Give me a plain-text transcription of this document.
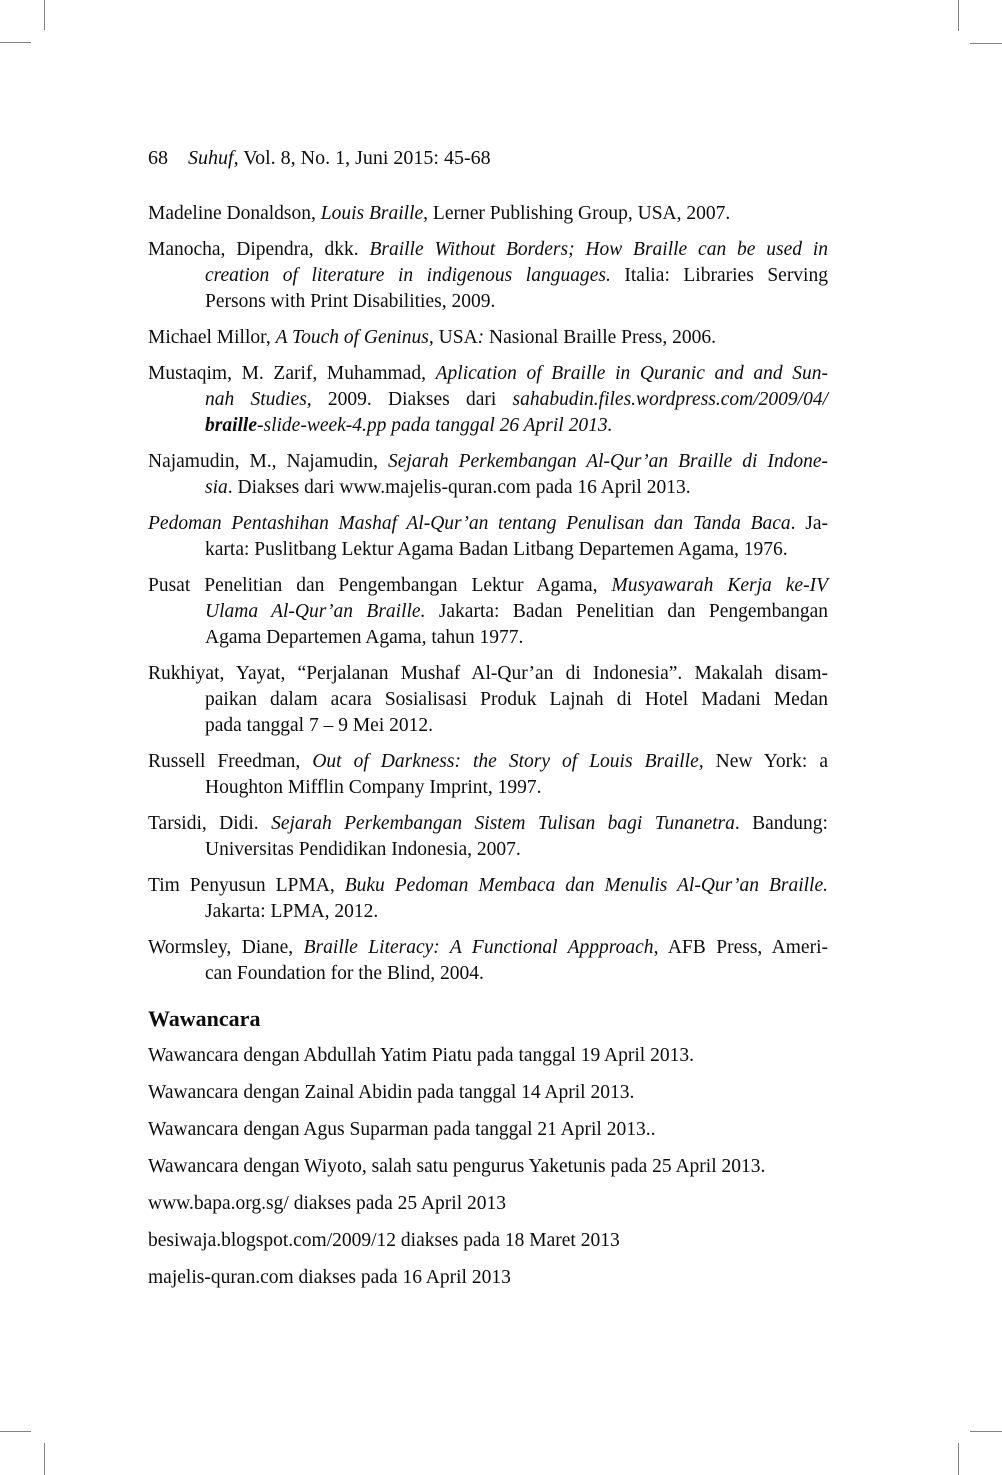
68 Suhuf, Vol. 8, No. 1, Juni 2015: 45-68
Madeline Donaldson, Louis Braille, Lerner Publishing Group, USA, 2007.
Manocha, Dipendra, dkk. Braille Without Borders; How Braille can be used in
creation of literature in indigenous languages. Italia: Libraries Serving
Persons with Print Disabilities, 2009.
Michael Millor, A Touch of Geninus, USA: Nasional Braille Press, 2006.
Mustaqim, M. Zarif, Muhammad, Aplication of Braille in Quranic and and Sun-
nah Studies, 2009. Diakses dari sahabudin.files.wordpress.com/2009/04/
braille-slide-week-4.pp pada tanggal 26 April 2013.
Najamudin, M., Najamudin, Sejarah Perkembangan Al-Qur’an Braille di Indone-
sia. Diakses dari www.majelis-quran.com pada 16 April 2013.
Pedoman Pentashihan Mashaf Al-Qur’an tentang Penulisan dan Tanda Baca. Ja-
karta: Puslitbang Lektur Agama Badan Litbang Departemen Agama, 1976.
Pusat Penelitian dan Pengembangan Lektur Agama, Musyawarah Kerja ke-IV
Ulama Al-Qur’an Braille. Jakarta: Badan Penelitian dan Pengembangan
Agama Departemen Agama, tahun 1977.
Rukhiyat, Yayat, “Perjalanan Mushaf Al-Qur’an di Indonesia”. Makalah disam-
paikan dalam acara Sosialisasi Produk Lajnah di Hotel Madani Medan
pada tanggal 7 – 9 Mei 2012.
Russell Freedman, Out of Darkness: the Story of Louis Braille, New York: a
Houghton Mifflin Company Imprint, 1997.
Tarsidi, Didi. Sejarah Perkembangan Sistem Tulisan bagi Tunanetra. Bandung:
Universitas Pendidikan Indonesia, 2007.
Tim Penyusun LPMA, Buku Pedoman Membaca dan Menulis Al-Qur’an Braille.
Jakarta: LPMA, 2012.
Wormsley, Diane, Braille Literacy: A Functional Appproach, AFB Press, Ameri-
can Foundation for the Blind, 2004.
Wawancara
Wawancara dengan Abdullah Yatim Piatu pada tanggal 19 April 2013.
Wawancara dengan Zainal Abidin pada tanggal 14 April 2013.
Wawancara dengan Agus Suparman pada tanggal 21 April 2013..
Wawancara dengan Wiyoto, salah satu pengurus Yaketunis pada 25 April 2013.
www.bapa.org.sg/ diakses pada 25 April 2013
besiwaja.blogspot.com/2009/12 diakses pada 18 Maret 2013
majelis-quran.com diakses pada 16 April 2013
